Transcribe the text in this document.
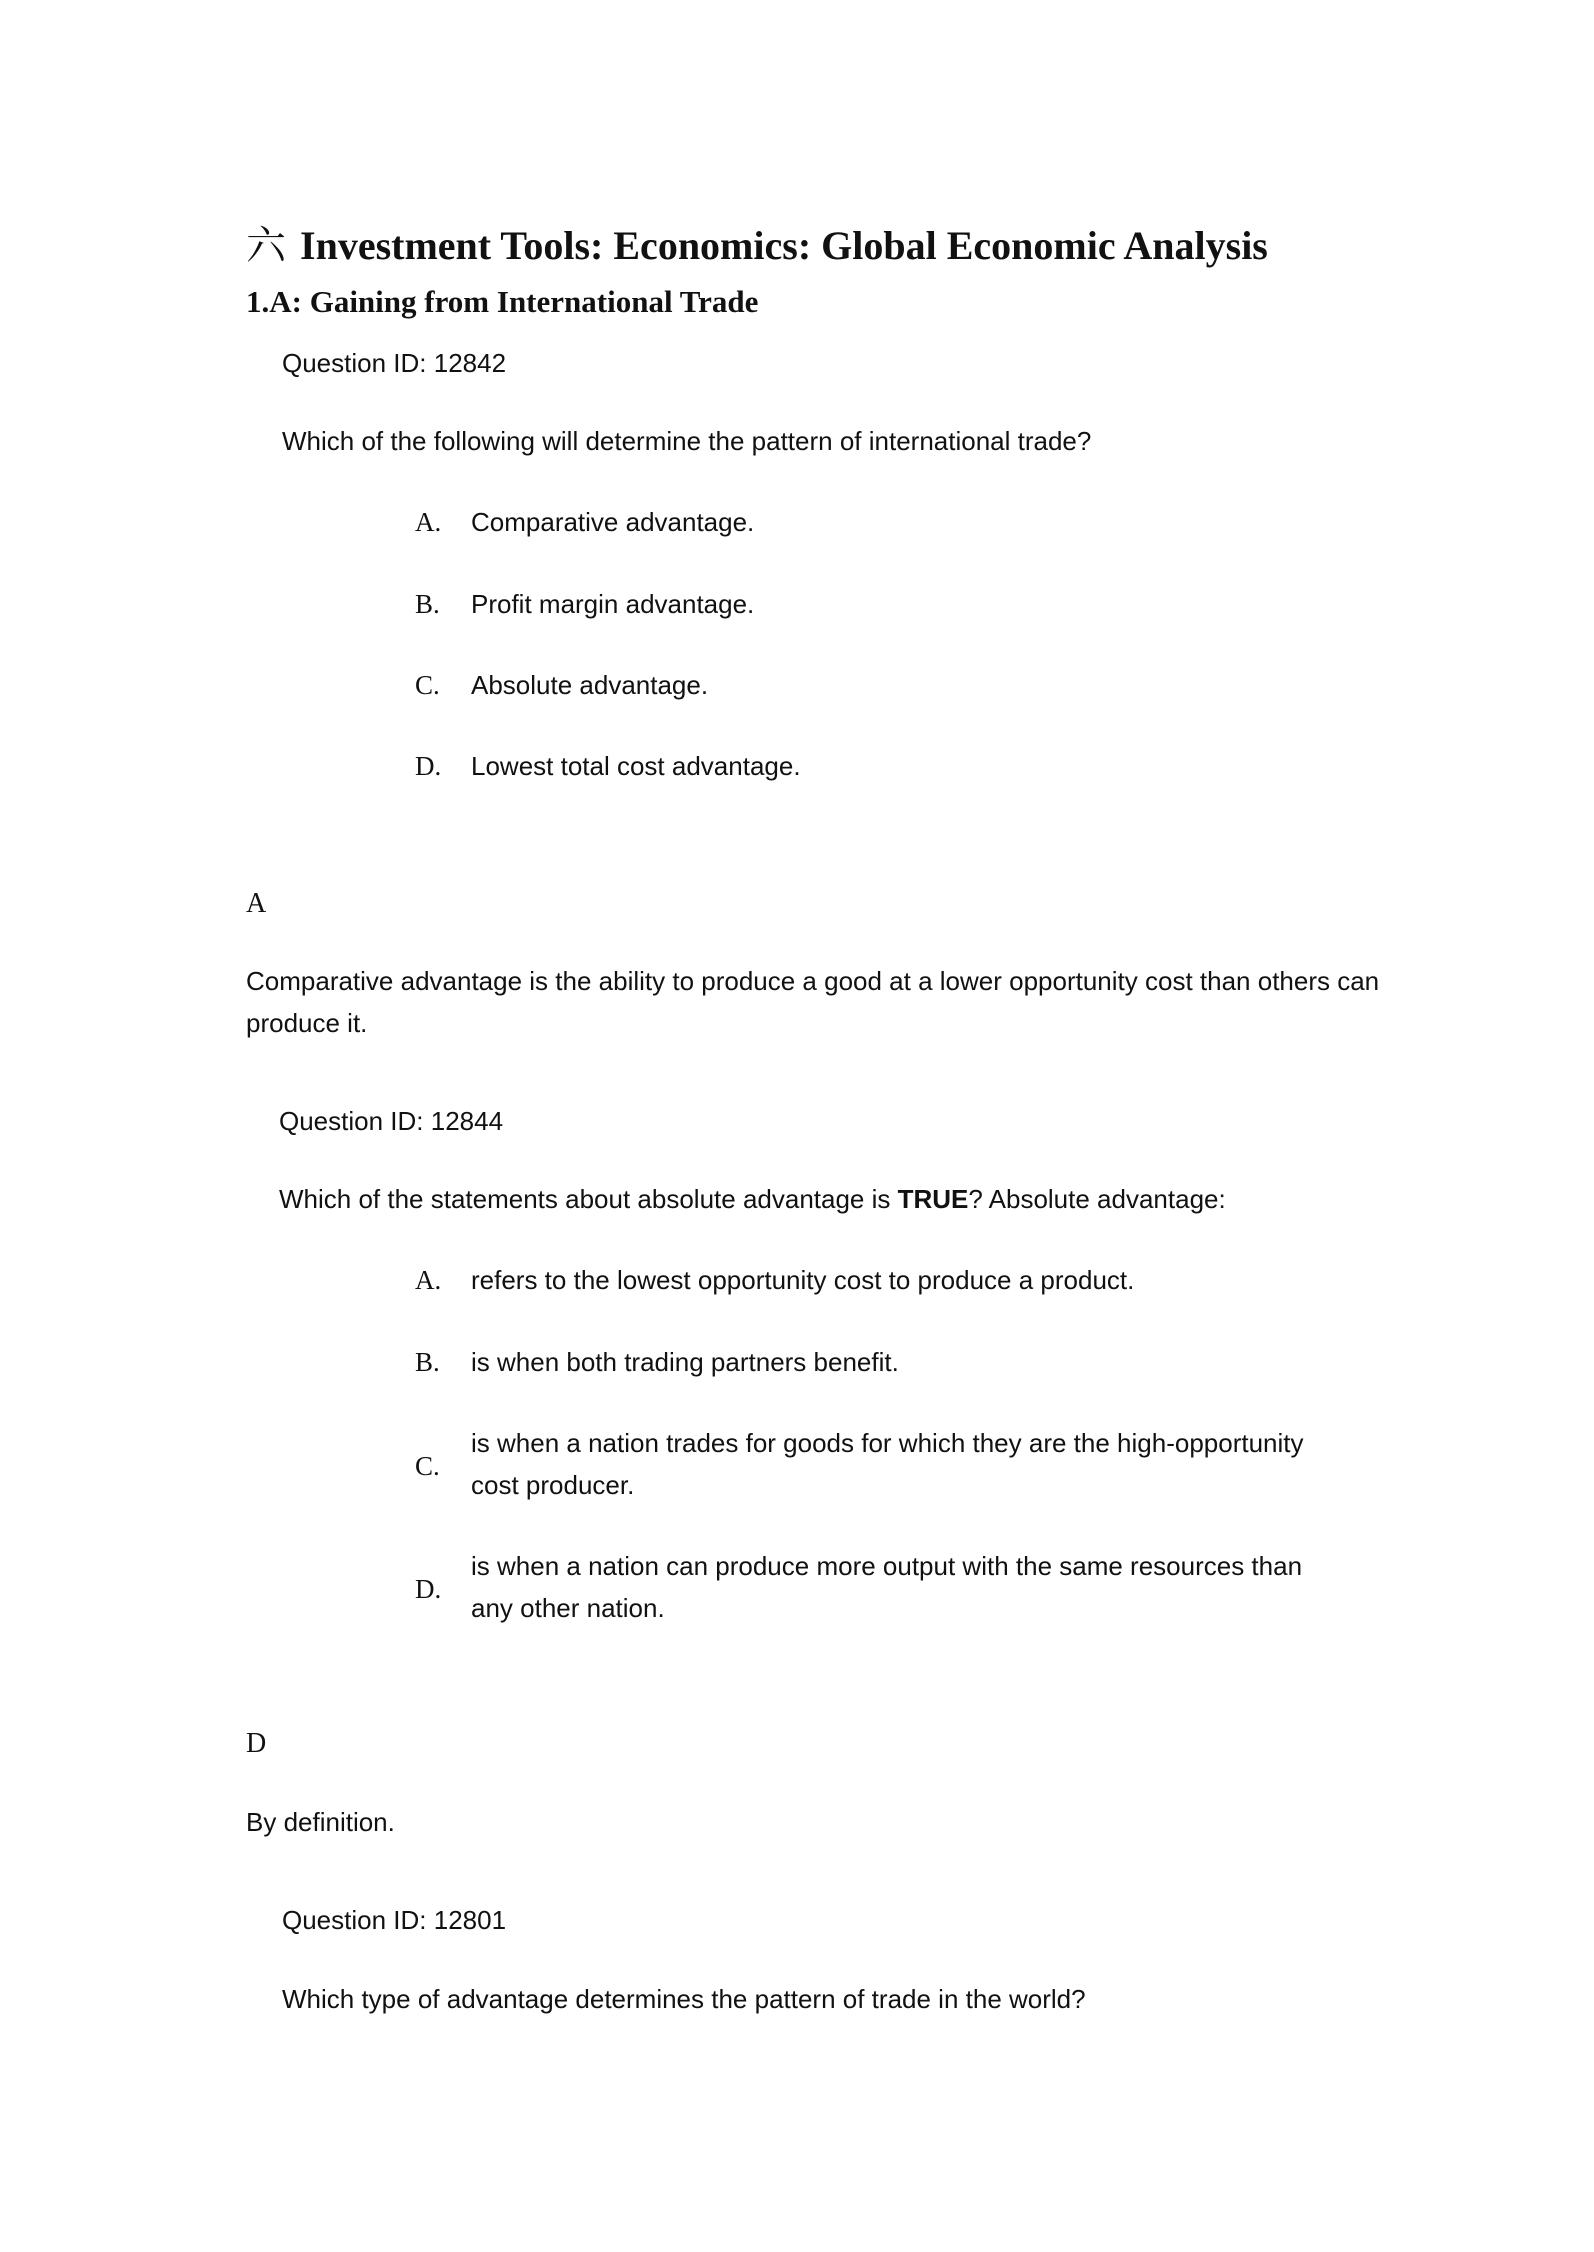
六 Investment Tools: Economics: Global Economic Analysis
1.A: Gaining from International Trade
Question ID: 12842
Which of the following will determine the pattern of international trade?
A.	Comparative advantage.
B.	Profit margin advantage.
C.	Absolute advantage.
D.	Lowest total cost advantage.
A
Comparative advantage is the ability to produce a good at a lower opportunity cost than others can produce it.
Question ID: 12844
Which of the statements about absolute advantage is TRUE? Absolute advantage:
A.	refers to the lowest opportunity cost to produce a product.
B.	is when both trading partners benefit.
C.
is when a nation trades for goods for which they are the high-opportunity cost producer.
D.
is when a nation can produce more output with the same resources than any other nation.
D
By definition.
Question ID: 12801
Which type of advantage determines the pattern of trade in the world?
